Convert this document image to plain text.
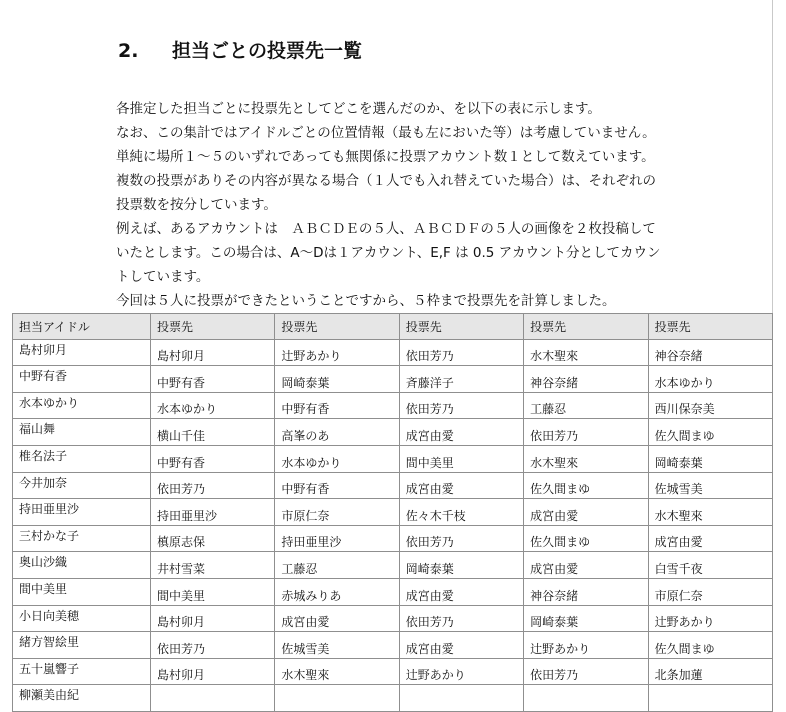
2. 担当ごとの投票先一覧
各推定した担当ごとに投票先としてどこを選んだのか、を以下の表に示します。
なお、この集計ではアイドルごとの位置情報（最も左においた等）は考慮していません。
単純に場所１～５のいずれであっても無関係に投票アカウント数１として数えています。
複数の投票がありその内容が異なる場合（１人でも入れ替えていた場合）は、それぞれの
投票数を按分しています。
例えば、あるアカウントは　ＡＢＣＤＥの５人、ＡＢＣＤＦの５人の画像を２枚投稿して
いたとします。この場合は、A～Dは１アカウント、E,F は 0.5 アカウント分としてカウン
トしています。
今回は５人に投票ができたということですから、５枠まで投票先を計算しました。
担当アイドル	投票先	投票先	投票先	投票先	投票先
島村卯月	島村卯月	辻野あかり	依田芳乃	水木聖來	神谷奈緒
中野有香	中野有香	岡崎泰葉	斉藤洋子	神谷奈緒	水本ゆかり
水本ゆかり	水本ゆかり	中野有香	依田芳乃	工藤忍	西川保奈美
福山舞	横山千佳	高峯のあ	成宮由愛	依田芳乃	佐久間まゆ
椎名法子	中野有香	水本ゆかり	間中美里	水木聖來	岡崎泰葉
今井加奈	依田芳乃	中野有香	成宮由愛	佐久間まゆ	佐城雪美
持田亜里沙	持田亜里沙	市原仁奈	佐々木千枝	成宮由愛	水木聖來
三村かな子	槙原志保	持田亜里沙	依田芳乃	佐久間まゆ	成宮由愛
奥山沙織	井村雪菜	工藤忍	岡崎泰葉	成宮由愛	白雪千夜
間中美里	間中美里	赤城みりあ	成宮由愛	神谷奈緒	市原仁奈
小日向美穂	島村卯月	成宮由愛	依田芳乃	岡崎泰葉	辻野あかり
緒方智絵里	依田芳乃	佐城雪美	成宮由愛	辻野あかり	佐久間まゆ
五十嵐響子	島村卯月	水木聖來	辻野あかり	依田芳乃	北条加蓮
柳瀬美由紀					
